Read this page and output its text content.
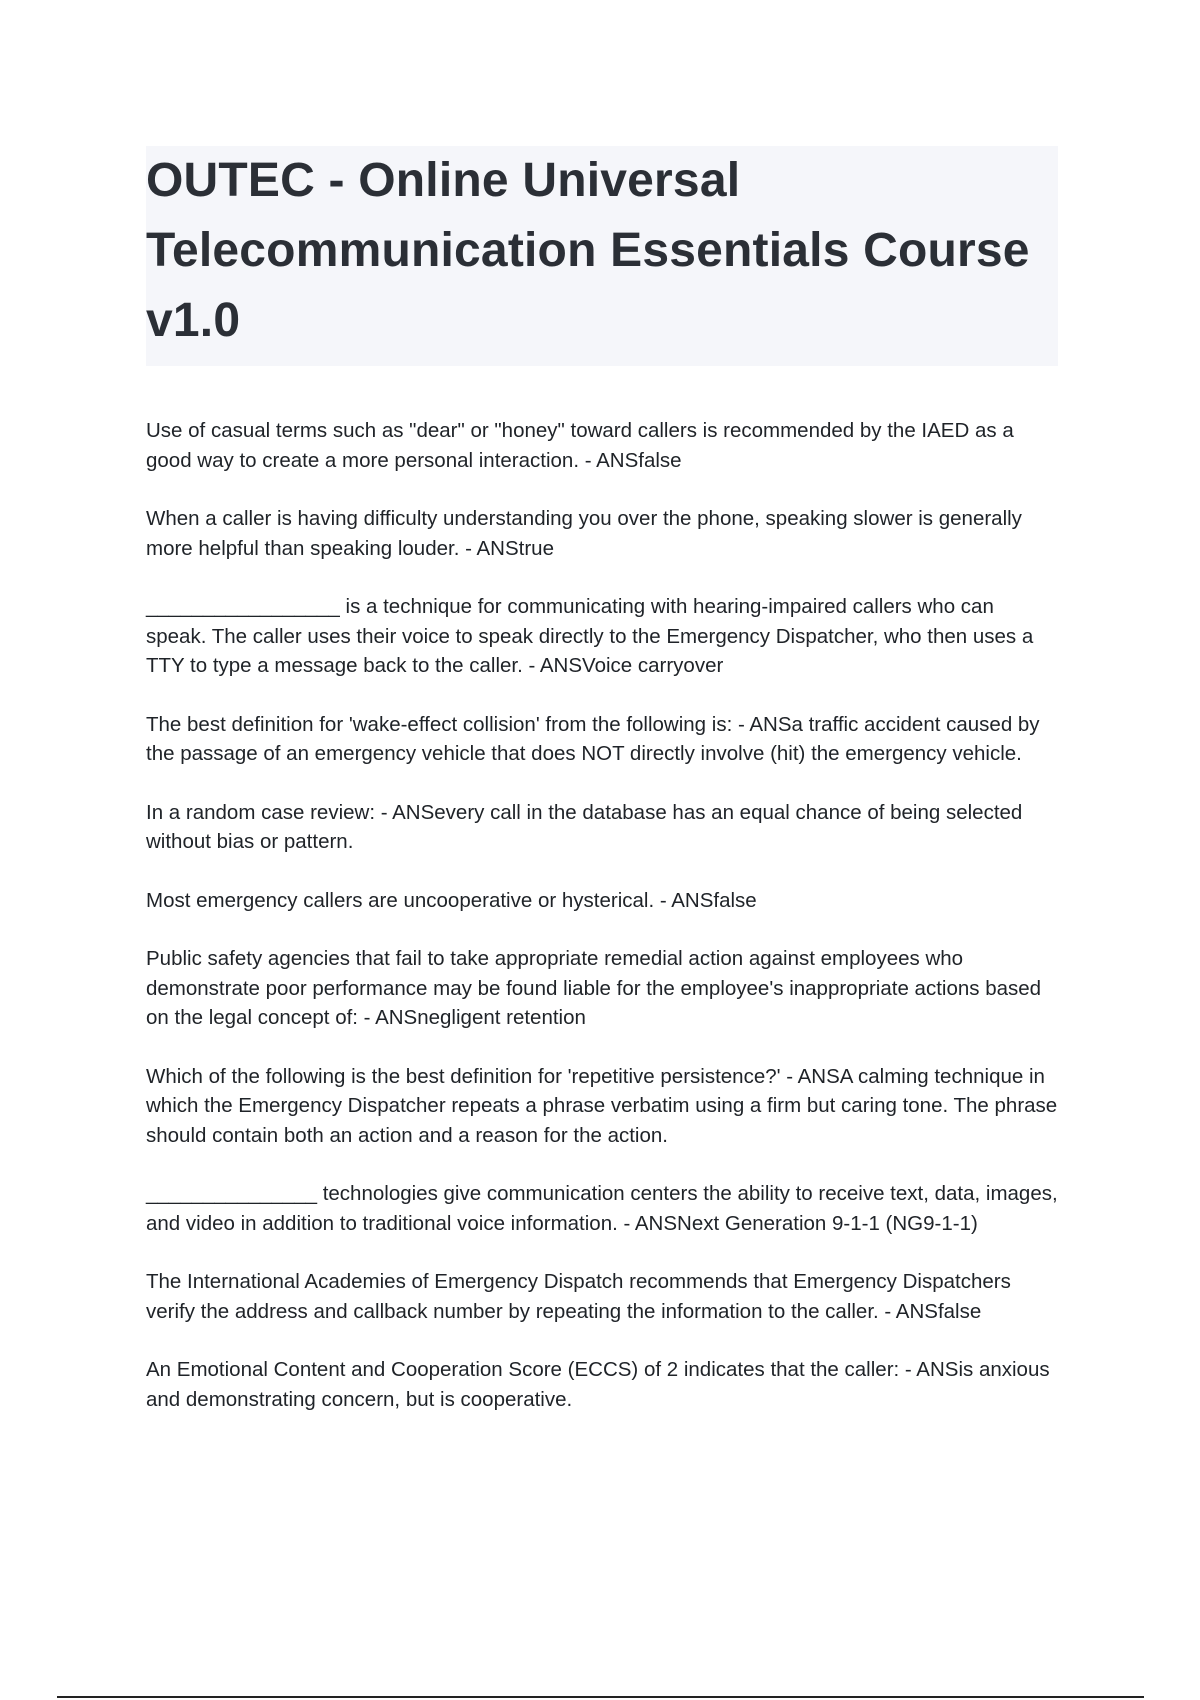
OUTEC - Online Universal Telecommunication Essentials Course v1.0

Use of casual terms such as "dear" or "honey" toward callers is recommended by the IAED as a good way to create a more personal interaction. - ANSfalse

When a caller is having difficulty understanding you over the phone, speaking slower is generally more helpful than speaking louder. - ANStrue

_________________ is a technique for communicating with hearing-impaired callers who can speak. The caller uses their voice to speak directly to the Emergency Dispatcher, who then uses a TTY to type a message back to the caller. - ANSVoice carryover

The best definition for 'wake-effect collision' from the following is: - ANSa traffic accident caused by the passage of an emergency vehicle that does NOT directly involve (hit) the emergency vehicle.

In a random case review: - ANSevery call in the database has an equal chance of being selected without bias or pattern.

Most emergency callers are uncooperative or hysterical. - ANSfalse

Public safety agencies that fail to take appropriate remedial action against employees who demonstrate poor performance may be found liable for the employee's inappropriate actions based on the legal concept of: - ANSnegligent retention

Which of the following is the best definition for 'repetitive persistence?' - ANSA calming technique in which the Emergency Dispatcher repeats a phrase verbatim using a firm but caring tone. The phrase should contain both an action and a reason for the action.

_______________ technologies give communication centers the ability to receive text, data, images, and video in addition to traditional voice information. - ANSNext Generation 9-1-1 (NG9-1-1)

The International Academies of Emergency Dispatch recommends that Emergency Dispatchers verify the address and callback number by repeating the information to the caller. - ANSfalse

An Emotional Content and Cooperation Score (ECCS) of 2 indicates that the caller: - ANSis anxious and demonstrating concern, but is cooperative.
